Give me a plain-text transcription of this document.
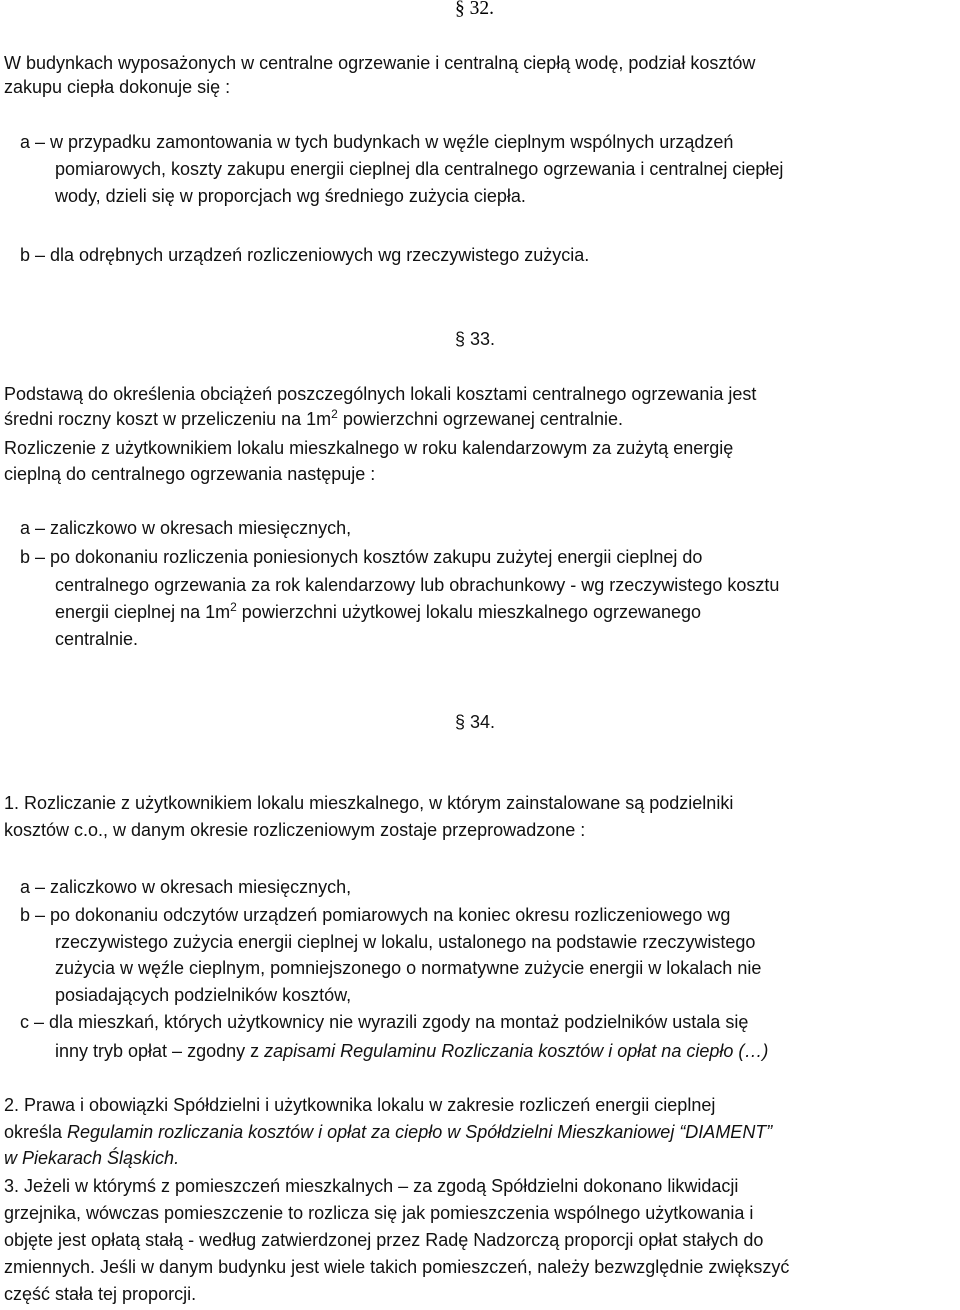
§ 32.
W budynkach wyposażonych w centralne ogrzewanie i centralną ciepłą wodę, podział kosztów
zakupu ciepła dokonuje się :
a – w przypadku zamontowania w tych budynkach w węźle cieplnym wspólnych urządzeń
pomiarowych, koszty zakupu energii cieplnej dla centralnego ogrzewania i centralnej ciepłej
wody, dzieli się w proporcjach wg średniego zużycia ciepła.
b – dla odrębnych urządzeń rozliczeniowych wg rzeczywistego zużycia.
§ 33.
Podstawą do określenia obciążeń poszczególnych lokali kosztami centralnego ogrzewania jest
średni roczny koszt w przeliczeniu na $1m^2$ powierzchni ogrzewanej centralnie.
Rozliczenie z użytkownikiem lokalu mieszkalnego w roku kalendarzowym za zużytą energię
cieplną do centralnego ogrzewania następuje :
a – zaliczkowo w okresach miesięcznych,
b – po dokonaniu rozliczenia poniesionych kosztów zakupu zużytej energii cieplnej do
centralnego ogrzewania za rok kalendarzowy lub obrachunkowy - wg rzeczywistego kosztu
energii cieplnej na $1m^2$ powierzchni użytkowej lokalu mieszkalnego ogrzewanego
centralnie.
§ 34.
1. Rozliczanie z użytkownikiem lokalu mieszkalnego, w którym zainstalowane są podzielniki
kosztów c.o., w danym okresie rozliczeniowym zostaje przeprowadzone :
a – zaliczkowo w okresach miesięcznych,
b – po dokonaniu odczytów urządzeń pomiarowych na koniec okresu rozliczeniowego wg
rzeczywistego zużycia energii cieplnej w lokalu, ustalonego na podstawie rzeczywistego
zużycia w węźle cieplnym, pomniejszonego o normatywne zużycie energii w lokalach nie
posiadających podzielników kosztów,
c – dla mieszkań, których użytkownicy nie wyrazili zgody na montaż podzielników ustala się
inny tryb opłat – zgodny z zapisami Regulaminu Rozliczania kosztów i opłat na ciepło (…)
2. Prawa i obowiązki Spółdzielni i użytkownika lokalu w zakresie rozliczeń energii cieplnej
określa Regulamin rozliczania kosztów i opłat za ciepło w Spółdzielni Mieszkaniowej “DIAMENT”
w Piekarach Śląskich.
3. Jeżeli w którymś z pomieszczeń mieszkalnych – za zgodą Spółdzielni dokonano likwidacji
grzejnika, wówczas pomieszczenie to rozlicza się jak pomieszczenia wspólnego użytkowania i
objęte jest opłatą stałą - według zatwierdzonej przez Radę Nadzorczą proporcji opłat stałych do
zmiennych. Jeśli w danym budynku jest wiele takich pomieszczeń, należy bezwzględnie zwiększyć
część stała tej proporcji.
